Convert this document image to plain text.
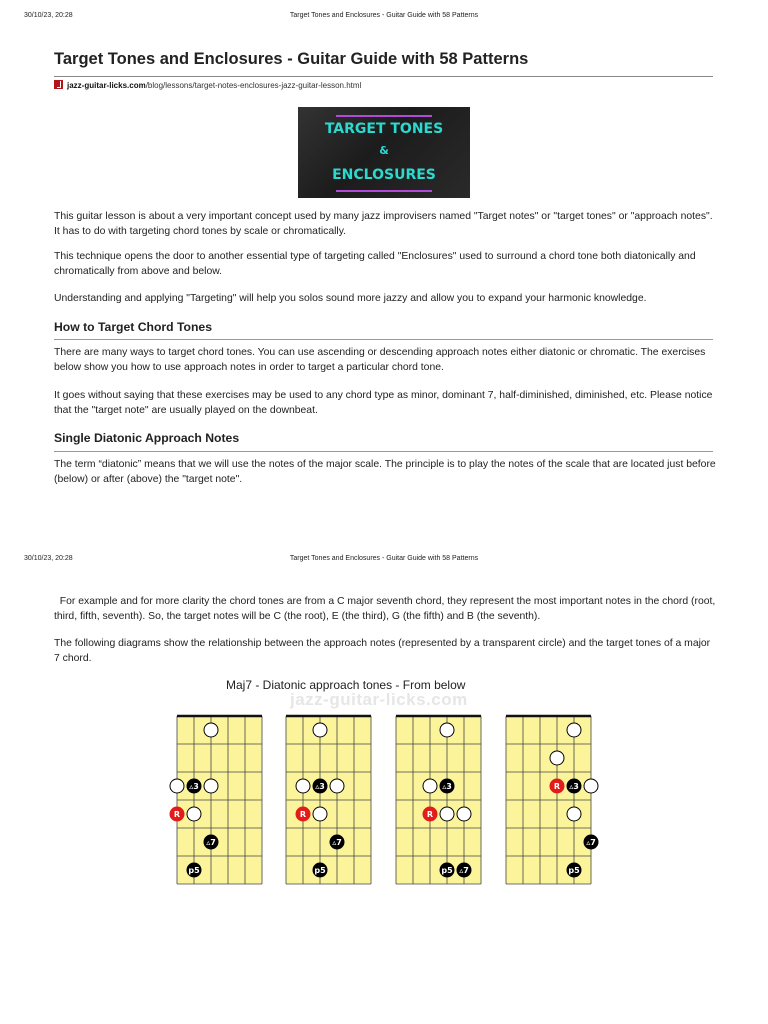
30/10/23, 20:28	Target Tones and Enclosures - Guitar Guide with 58 Patterns
Target Tones and Enclosures - Guitar Guide with 58 Patterns
jazz-guitar-licks.com/blog/lessons/target-notes-enclosures-jazz-guitar-lesson.html
TARGET TONES
&
ENCLOSURES

This guitar lesson is about a very important concept used by many jazz improvisers named "Target notes" or "target tones" or "approach notes". It has to do with targeting chord tones by scale or chromatically.

This technique opens the door to another essential type of targeting called "Enclosures" used to surround a chord tone both diatonically and chromatically from above and below.

Understanding and applying "Targeting" will help you solos sound more jazzy and allow you to expand your harmonic knowledge.

How to Target Chord Tones

There are many ways to target chord tones. You can use ascending or descending approach notes either diatonic or chromatic. The exercises below show you how to use approach notes in order to target a particular chord tone.

It goes without saying that these exercises may be used to any chord type as minor, dominant 7, half-diminished, diminished, etc. Please notice that the "target note" are usually played on the downbeat.

Single Diatonic Approach Notes

The term “diatonic” means that we will use the notes of the major scale. The principle is to play the notes of the scale that are located just before (below) or after (above) the "target note".

30/10/23, 20:28	Target Tones and Enclosures - Guitar Guide with 58 Patterns

For example and for more clarity the chord tones are from a C major seventh chord, they represent the most important notes in the chord (root, third, fifth, seventh). So, the target notes will be C (the root), E (the third), G (the fifth) and B (the seventh).

The following diagrams show the relationship between the approach notes (represented by a transparent circle) and the target tones of a major 7 chord.

Maj7 - Diatonic approach tones - From below
jazz-guitar-licks.com
▵3
R
▵7
p5
▵3
R
▵7
p5
▵3
R
p5 ▵7
R ▵3
▵7
p5
